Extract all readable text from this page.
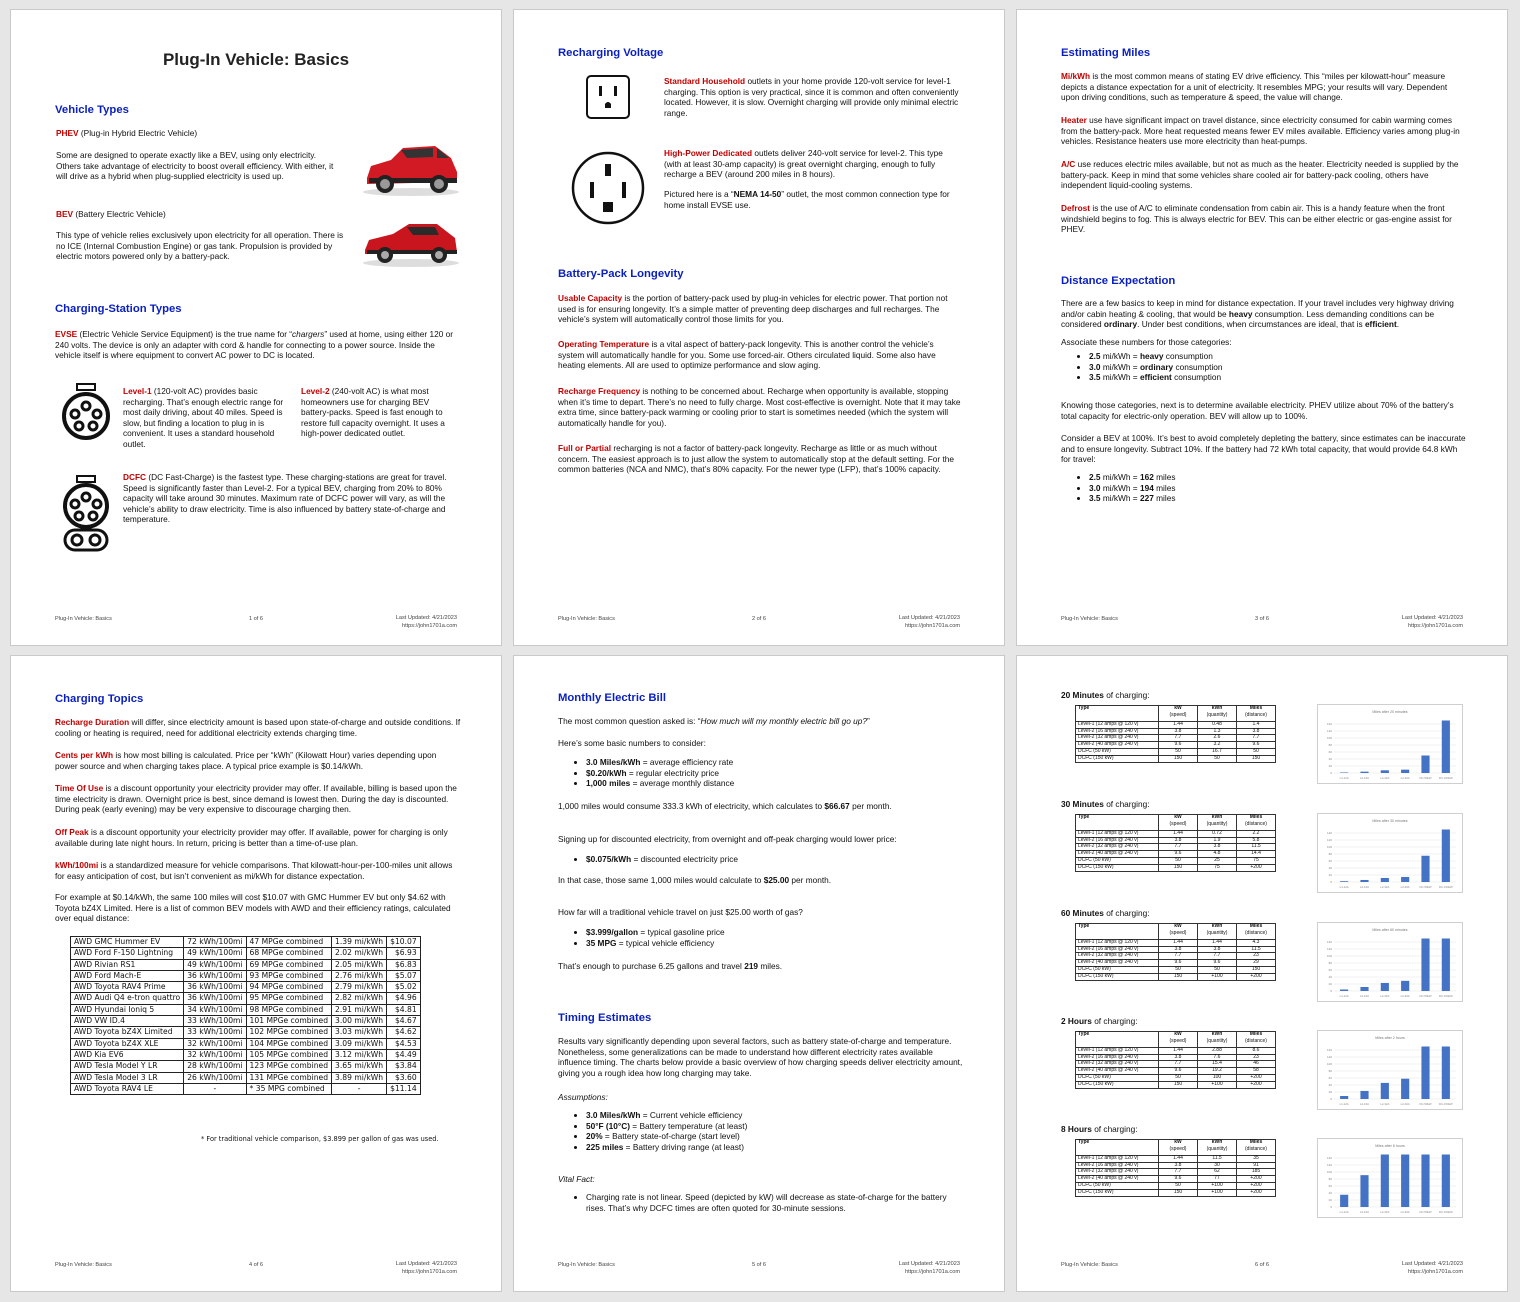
Plug-In Vehicle: Basics
Vehicle Types
PHEV (Plug-in Hybrid Electric Vehicle)
Some are designed to operate exactly like a BEV, using only electricity. Others take advantage of electricity to boost overall efficiency. With either, it will drive as a hybrid when plug-supplied electricity is used up.
BEV (Battery Electric Vehicle)
This type of vehicle relies exclusively upon electricity for all operation. There is no ICE (Internal Combustion Engine) or gas tank. Propulsion is provided by electric motors powered only by a battery-pack.
Charging-Station Types
EVSE (Electric Vehicle Service Equipment) is the true name for “chargers” used at home, using either 120 or 240 volts. The device is only an adapter with cord & handle for connecting to a power source. Inside the vehicle itself is where equipment to convert AC power to DC is located.
Level-1 (120-volt AC) provides basic recharging. That’s enough electric range for most daily driving, about 40 miles. Speed is slow, but finding a location to plug in is convenient. It uses a standard household outlet.
Level-2 (240-volt AC) is what most homeowners use for charging BEV battery-packs. Speed is fast enough to restore full capacity overnight. It uses a high-power dedicated outlet.
DCFC (DC Fast-Charge) is the fastest type. These charging-stations are great for travel. Speed is significantly faster than Level-2. For a typical BEV, charging from 20% to 80% capacity will take around 30 minutes. Maximum rate of DCFC power will vary, as will the vehicle’s ability to draw electricity. Time is also influenced by battery state-of-charge and temperature.
Plug-In Vehicle: Basics	1 of 6	Last Updated: 4/21/2023
https://john1701a.com
Recharging Voltage
Standard Household outlets in your home provide 120-volt service for level-1 charging. This option is very practical, since it is common and often conveniently located. However, it is slow. Overnight charging will provide only minimal electric range.
High-Power Dedicated outlets deliver 240-volt service for level-2. This type (with at least 30-amp capacity) is great overnight charging, enough to fully recharge a BEV (around 200 miles in 8 hours).
Pictured here is a “NEMA 14-50” outlet, the most common connection type for home install EVSE use.
Battery-Pack Longevity
Usable Capacity is the portion of battery-pack used by plug-in vehicles for electric power. That portion not used is for ensuring longevity. It’s a simple matter of preventing deep discharges and full recharges. The vehicle’s system will automatically control those limits for you.
Operating Temperature is a vital aspect of battery-pack longevity. This is another control the vehicle’s system will automatically handle for you. Some use forced-air. Others circulated liquid. Some also have heating elements. All are used to optimize performance and slow aging.
Recharge Frequency is nothing to be concerned about. Recharge when opportunity is available, stopping when it’s time to depart. There’s no need to fully charge. Most cost-effective is overnight. Note that it may take extra time, since battery-pack warming or cooling prior to start is sometimes needed (which the system will automatically handle for you).
Full or Partial recharging is not a factor of battery-pack longevity. Recharge as little or as much without concern. The easiest approach is to just allow the system to automatically stop at the default setting. For the common batteries (NCA and NMC), that’s 80% capacity. For the newer type (LFP), that’s 100% capacity.
Plug-In Vehicle: Basics	2 of 6	Last Updated: 4/21/2023
https://john1701a.com
Estimating Miles
Mi/kWh is the most common means of stating EV drive efficiency. This “miles per kilowatt-hour” measure depicts a distance expectation for a unit of electricity. It resembles MPG; your results will vary. Dependent upon driving conditions, such as temperature & speed, the value will change.
Heater use have significant impact on travel distance, since electricity consumed for cabin warming comes from the battery-pack. More heat requested means fewer EV miles available. Efficiency varies among plug-in vehicles. Resistance heaters use more electricity than heat-pumps.
A/C use reduces electric miles available, but not as much as the heater. Electricity needed is supplied by the battery-pack. Keep in mind that some vehicles share cooled air for battery-pack cooling, others have independent liquid-cooling systems.
Defrost is the use of A/C to eliminate condensation from cabin air. This is a handy feature when the front windshield begins to fog. This is always electric for BEV. This can be either electric or gas-engine assist for PHEV.
Distance Expectation
There are a few basics to keep in mind for distance expectation. If your travel includes very highway driving and/or cabin heating & cooling, that would be heavy consumption. Less demanding conditions can be considered ordinary. Under best conditions, when circumstances are ideal, that is efficient.
Associate these numbers for those categories:
• 2.5 mi/kWh = heavy consumption
• 3.0 mi/kWh = ordinary consumption
• 3.5 mi/kWh = efficient consumption
Knowing those categories, next is to determine available electricity. PHEV utilize about 70% of the battery’s total capacity for electric-only operation. BEV will allow up to 100%.
Consider a BEV at 100%. It’s best to avoid completely depleting the battery, since estimates can be inaccurate and to ensure longevity. Subtract 10%. If the battery had 72 kWh total capacity, that would provide 64.8 kWh for travel:
• 2.5 mi/kWh = 162 miles
• 3.0 mi/kWh = 194 miles
• 3.5 mi/kWh = 227 miles
Plug-In Vehicle: Basics	3 of 6	Last Updated: 4/21/2023
https://john1701a.com
Charging Topics
Recharge Duration will differ, since electricity amount is based upon state-of-charge and outside conditions. If cooling or heating is required, need for additional electricity extends charging time.
Cents per kWh is how most billing is calculated. Price per “kWh” (Kilowatt Hour) varies depending upon power source and when charging takes place. A typical price example is $0.14/kWh.
Time Of Use is a discount opportunity your electricity provider may offer. If available, billing is based upon the time electricity is drawn. Overnight price is best, since demand is lowest then. During the day is discounted. During peak (early evening) may be very expensive to discourage charging then.
Off Peak is a discount opportunity your electricity provider may offer. If available, power for charging is only available during late night hours. In return, pricing is better than a time-of-use plan.
kWh/100mi is a standardized measure for vehicle comparisons. That kilowatt-hour-per-100-miles unit allows for easy anticipation of cost, but isn’t convenient as mi/kWh for distance expectation.
For example at $0.14/kWh, the same 100 miles will cost $10.07 with GMC Hummer EV but only $4.62 with Toyota bZ4X Limited. Here is a list of common BEV models with AWD and their efficiency ratings, calculated over equal distance:
AWD GMC Hummer EV	72 kWh/100mi	47 MPGe combined	1.39 mi/kWh	$10.07
AWD Ford F-150 Lightning	49 kWh/100mi	68 MPGe combined	2.02 mi/kWh	$6.93
AWD Rivian RS1	49 kWh/100mi	69 MPGe combined	2.05 mi/kWh	$6.83
AWD Ford Mach-E	36 kWh/100mi	93 MPGe combined	2.76 mi/kWh	$5.07
AWD Toyota RAV4 Prime	36 kWh/100mi	94 MPGe combined	2.79 mi/kWh	$5.02
AWD Audi Q4 e-tron quattro	36 kWh/100mi	95 MPGe combined	2.82 mi/kWh	$4.96
AWD Hyundai Ioniq 5	34 kWh/100mi	98 MPGe combined	2.91 mi/kWh	$4.81
AWD VW ID.4	33 kWh/100mi	101 MPGe combined	3.00 mi/kWh	$4.67
AWD Toyota bZ4X Limited	33 kWh/100mi	102 MPGe combined	3.03 mi/kWh	$4.62
AWD Toyota bZ4X XLE	32 kWh/100mi	104 MPGe combined	3.09 mi/kWh	$4.53
AWD Kia EV6	32 kWh/100mi	105 MPGe combined	3.12 mi/kWh	$4.49
AWD Tesla Model Y LR	28 kWh/100mi	123 MPGe combined	3.65 mi/kWh	$3.84
AWD Tesla Model 3 LR	26 kWh/100mi	131 MPGe combined	3.89 mi/kWh	$3.60
AWD Toyota RAV4 LE	-	* 35 MPG combined	-	$11.14
* For traditional vehicle comparison, $3.899 per gallon of gas was used.
Plug-In Vehicle: Basics	4 of 6	Last Updated: 4/21/2023
https://john1701a.com
Monthly Electric Bill
The most common question asked is: “How much will my monthly electric bill go up?”
Here’s some basic numbers to consider:
• 3.0 Miles/kWh = average efficiency rate
• $0.20/kWh = regular electricity price
• 1,000 miles = average monthly distance
1,000 miles would consume 333.3 kWh of electricity, which calculates to $66.67 per month.
Signing up for discounted electricity, from overnight and off-peak charging would lower price:
• $0.075/kWh = discounted electricity price
In that case, those same 1,000 miles would calculate to $25.00 per month.
How far will a traditional vehicle travel on just $25.00 worth of gas?
• $3.999/gallon = typical gasoline price
• 35 MPG = typical vehicle efficiency
That’s enough to purchase 6.25 gallons and travel 219 miles.
Timing Estimates
Results vary significantly depending upon several factors, such as battery state-of-charge and temperature. Nonetheless, some generalizations can be made to understand how different electricity rates available influence timing. The charts below provide a basic overview of how charging speeds deliver electricity amount, giving you a rough idea how long charging may take.
Assumptions:
• 3.0 Miles/kWh = Current vehicle efficiency
• 50°F (10°C) = Battery temperature (at least)
• 20% = Battery state-of-charge (start level)
• 225 miles = Battery driving range (at least)
Vital Fact:
• Charging rate is not linear. Speed (depicted by kW) will decrease as state-of-charge for the battery rises. That’s why DCFC times are often quoted for 30-minute sessions.
Plug-In Vehicle: Basics	5 of 6	Last Updated: 4/21/2023
https://john1701a.com
20 Minutes of charging:
Type	kW	kWh	Miles
	(speed)	(quantity)	(distance)
Level-1 (12 amps @ 120 v)	1.44	0.48	1.4
Level-2 (16 amps @ 240 v)	3.8	1.3	3.8
Level-2 (32 amps @ 240 v)	7.7	2.6	7.7
Level-2 (40 amps @ 240 v)	9.6	3.2	9.6
DCFC (50 kW)	50	16.7	50
DCFC (150 kW)	150	50	150
Miles after 20 minutes
0
20
40
60
80
100
120
140
L1-12A	L2-16A	L2-32A	L2-40A	DC-50kW	DC-150kW
30 Minutes of charging:
Type	kW	kWh	Miles
	(speed)	(quantity)	(distance)
Level-1 (12 amps @ 120 v)	1.44	0.72	2.2
Level-2 (16 amps @ 240 v)	3.8	1.9	5.8
Level-2 (32 amps @ 240 v)	7.7	3.8	11.5
Level-2 (40 amps @ 240 v)	9.6	4.8	14.4
DCFC (50 kW)	50	25	75
DCFC (150 kW)	150	75	+200
Miles after 30 minutes
0
20
40
60
80
100
120
140
L1-12A	L2-16A	L2-32A	L2-40A	DC-50kW	DC-150kW
60 Minutes of charging:
Type	kW	kWh	Miles
	(speed)	(quantity)	(distance)
Level-1 (12 amps @ 120 v)	1.44	1.44	4.3
Level-2 (16 amps @ 240 v)	3.8	3.8	11.5
Level-2 (32 amps @ 240 v)	7.7	7.7	23
Level-2 (40 amps @ 240 v)	9.6	9.6	29
DCFC (50 kW)	50	50	150
DCFC (150 kW)	150	+100	+200
Miles after 60 minutes
0
20
40
60
80
100
120
140
L1-12A	L2-16A	L2-32A	L2-40A	DC-50kW	DC-150kW
2 Hours of charging:
Type	kW	kWh	Miles
	(speed)	(quantity)	(distance)
Level-1 (12 amps @ 120 v)	1.44	2.88	8.6
Level-2 (16 amps @ 240 v)	3.8	7.6	23
Level-2 (32 amps @ 240 v)	7.7	15.4	46
Level-2 (40 amps @ 240 v)	9.6	19.2	58
DCFC (50 kW)	50	100	+200
DCFC (150 kW)	150	+100	+200
Miles after 2 hours
0
20
40
60
80
100
120
140
L1-12A	L2-16A	L2-32A	L2-40A	DC-50kW	DC-150kW
8 Hours of charging:
Type	kW	kWh	Miles
	(speed)	(quantity)	(distance)
Level-1 (12 amps @ 120 v)	1.44	11.5	35
Level-2 (16 amps @ 240 v)	3.8	30	91
Level-2 (32 amps @ 240 v)	7.7	62	185
Level-2 (40 amps @ 240 v)	9.6	77	+200
DCFC (50 kW)	50	+100	+200
DCFC (150 kW)	150	+100	+200
Miles after 8 hours
0
20
40
60
80
100
120
140
L1-12A	L2-16A	L2-32A	L2-40A	DC-50kW	DC-150kW
Plug-In Vehicle: Basics	6 of 6	Last Updated: 4/21/2023
https://john1701a.com
